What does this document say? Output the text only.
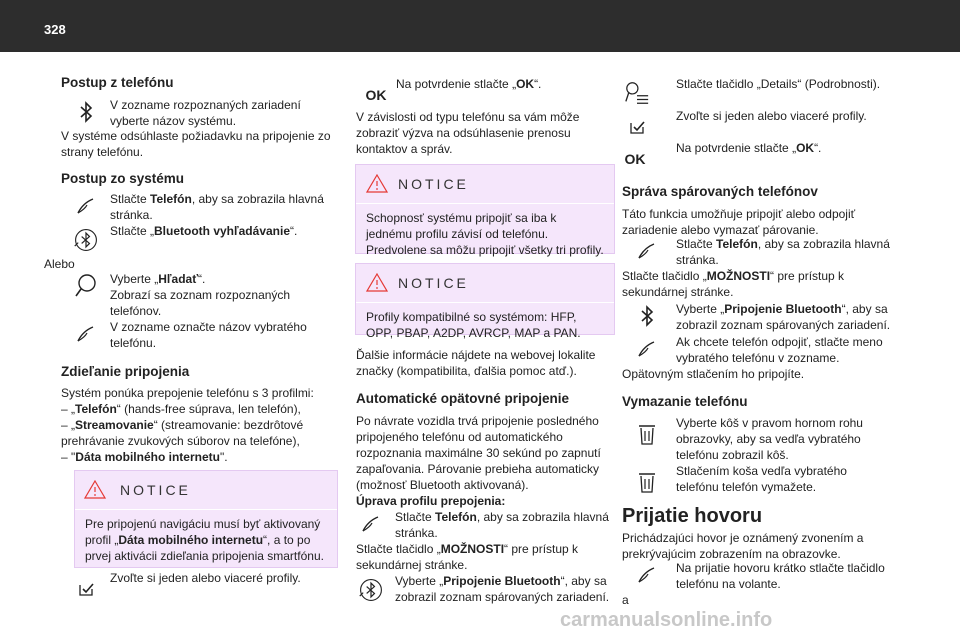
328
Postup z telefónu
V zozname rozpoznaných zariadení vyberte názov systému.

V systéme odsúhlaste požiadavku na pripojenie zo strany telefónu.

Postup zo systému
Stlačte Telefón, aby sa zobrazila hlavná stránka.
Stlačte „Bluetooth vyhľadávanie“.

Alebo

Vyberte „Hľadať“.

Zobrazí sa zoznam rozpoznaných telefónov.

V zozname označte názov vybratého telefónu.
Zdieľanie pripojenia

Systém ponúka prepojenie telefónu s 3 profilmi:

– „Telefón“ (hands-free súprava, len telefón),

– „Streamovanie“ (streamovanie: bezdrôtové prehrávanie zvukových súborov na telefóne),

– "Dáta mobilného internetu".

NOTICE
Pre pripojenú navigáciu musí byť aktivovaný profil „Dáta mobilného internetu“, a to po prvej aktivácii zdieľania pripojenia smartfónu.
Zvoľte si jeden alebo viaceré profily.
OK
Na potvrdenie stlačte „OK“.

V závislosti od typu telefónu sa vám môže zobraziť výzva na odsúhlasenie prenosu kontaktov a správ.

NOTICE
Schopnosť systému pripojiť sa iba k jednému profilu závisí od telefónu.
Predvolene sa môžu pripojiť všetky tri profily.
NOTICE
Profily kompatibilné so systémom: HFP, OPP, PBAP, A2DP, AVRCP, MAP a PAN.

Ďalšie informácie nájdete na webovej lokalite značky (kompatibilita, ďalšia pomoc atď.).

Automatické opätovné pripojenie

Po návrate vozidla trvá pripojenie posledného pripojeného telefónu od automatického rozpoznania maximálne 30 sekúnd po zapnutí zapaľovania. Párovanie prebieha automaticky (možnosť Bluetooth aktivovaná).

Úprava profilu prepojenia:

Stlačte Telefón, aby sa zobrazila hlavná stránka.

Stlačte tlačidlo „MOŽNOSTI“ pre prístup k sekundárnej stránke.

Vyberte „Pripojenie Bluetooth“, aby sa zobrazil zoznam spárovaných zariadení.
Stlačte tlačidlo „Details“ (Podrobnosti).
Zvoľte si jeden alebo viaceré profily.
OK
Na potvrdenie stlačte „OK“.
Správa spárovaných telefónov

Táto funkcia umožňuje pripojiť alebo odpojiť zariadenie alebo vymazať párovanie.

Stlačte Telefón, aby sa zobrazila hlavná stránka.

Stlačte tlačidlo „MOŽNOSTI“ pre prístup k sekundárnej stránke.

Vyberte „Pripojenie Bluetooth“, aby sa zobrazil zoznam spárovaných zariadení.
Ak chcete telefón odpojiť, stlačte meno vybratého telefónu v zozname.

Opätovným stlačením ho pripojíte.

Vymazanie telefónu
Vyberte kôš v pravom hornom rohu obrazovky, aby sa vedľa vybratého telefónu zobrazil kôš.
Stlačením koša vedľa vybratého telefónu telefón vymažete.
Prijatie hovoru

Prichádzajúci hovor je oznámený zvonením a prekrývajúcim zobrazením na obrazovke.

Na prijatie hovoru krátko stlačte tlačidlo telefónu na volante.

a

carmanualsonline.info
